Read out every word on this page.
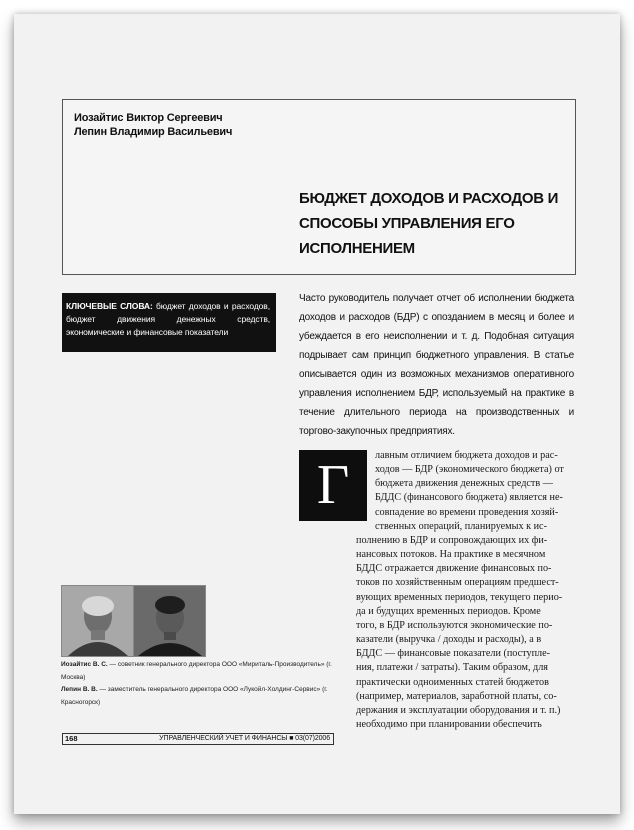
Иозайтис Виктор Сергеевич
Лепин Владимир Васильевич
БЮДЖЕТ ДОХОДОВ И РАСХОДОВ И СПОСОБЫ УПРАВЛЕНИЯ ЕГО ИСПОЛНЕНИЕМ
КЛЮЧЕВЫЕ СЛОВА: бюджет доходов и расходов, бюджет движения денежных средств, экономические и финансовые показатели
Часто руководитель получает отчет об исполнении бюджета доходов и расходов (БДР) с опозданием в месяц и более и убеждается в его неисполнении и т. д. Подобная ситуация подрывает сам принцип бюджетного управления. В статье описывается один из возможных механизмов оперативного управления исполнением БДР, используемый на практике в течение длительного периода на производственных и торгово-закупочных предприятиях.
Г	лавным отличием бюджета доходов и рас-
ходов — БДР (экономического бюджета) от
бюджета движения денежных средств —
БДДС (финансового бюджета) является не-
совпадение во времени проведения хозяй-
ственных операций, планируемых к ис-
полнению в БДР и сопровождающих их фи-
нансовых потоков. На практике в месячном
БДДС отражается движение финансовых по-
токов по хозяйственным операциям предшест-
вующих временных периодов, текущего перио-
да и будущих временных периодов. Кроме
того, в БДР используются экономические по-
казатели (выручка / доходы и расходы), а в
БДДС — финансовые показатели (поступле-
ния, платежи / затраты). Таким образом, для
практически одноименных статей бюджетов
(например, материалов, заработной платы, со-
держания и эксплуатации оборудования и т. п.)
необходимо при планировании обеспечить
Иозайтис В. С. — советник генерального директора ООО «Мириталь-Производитель» (г. Москва)
Лепин В. В. — заместитель генерального директора ООО «Лукойл-Холдинг-Сервис» (г. Красногорск)
168	УПРАВЛЕНЧЕСКИЙ УЧЕТ И ФИНАНСЫ ■ 03(07)2006
